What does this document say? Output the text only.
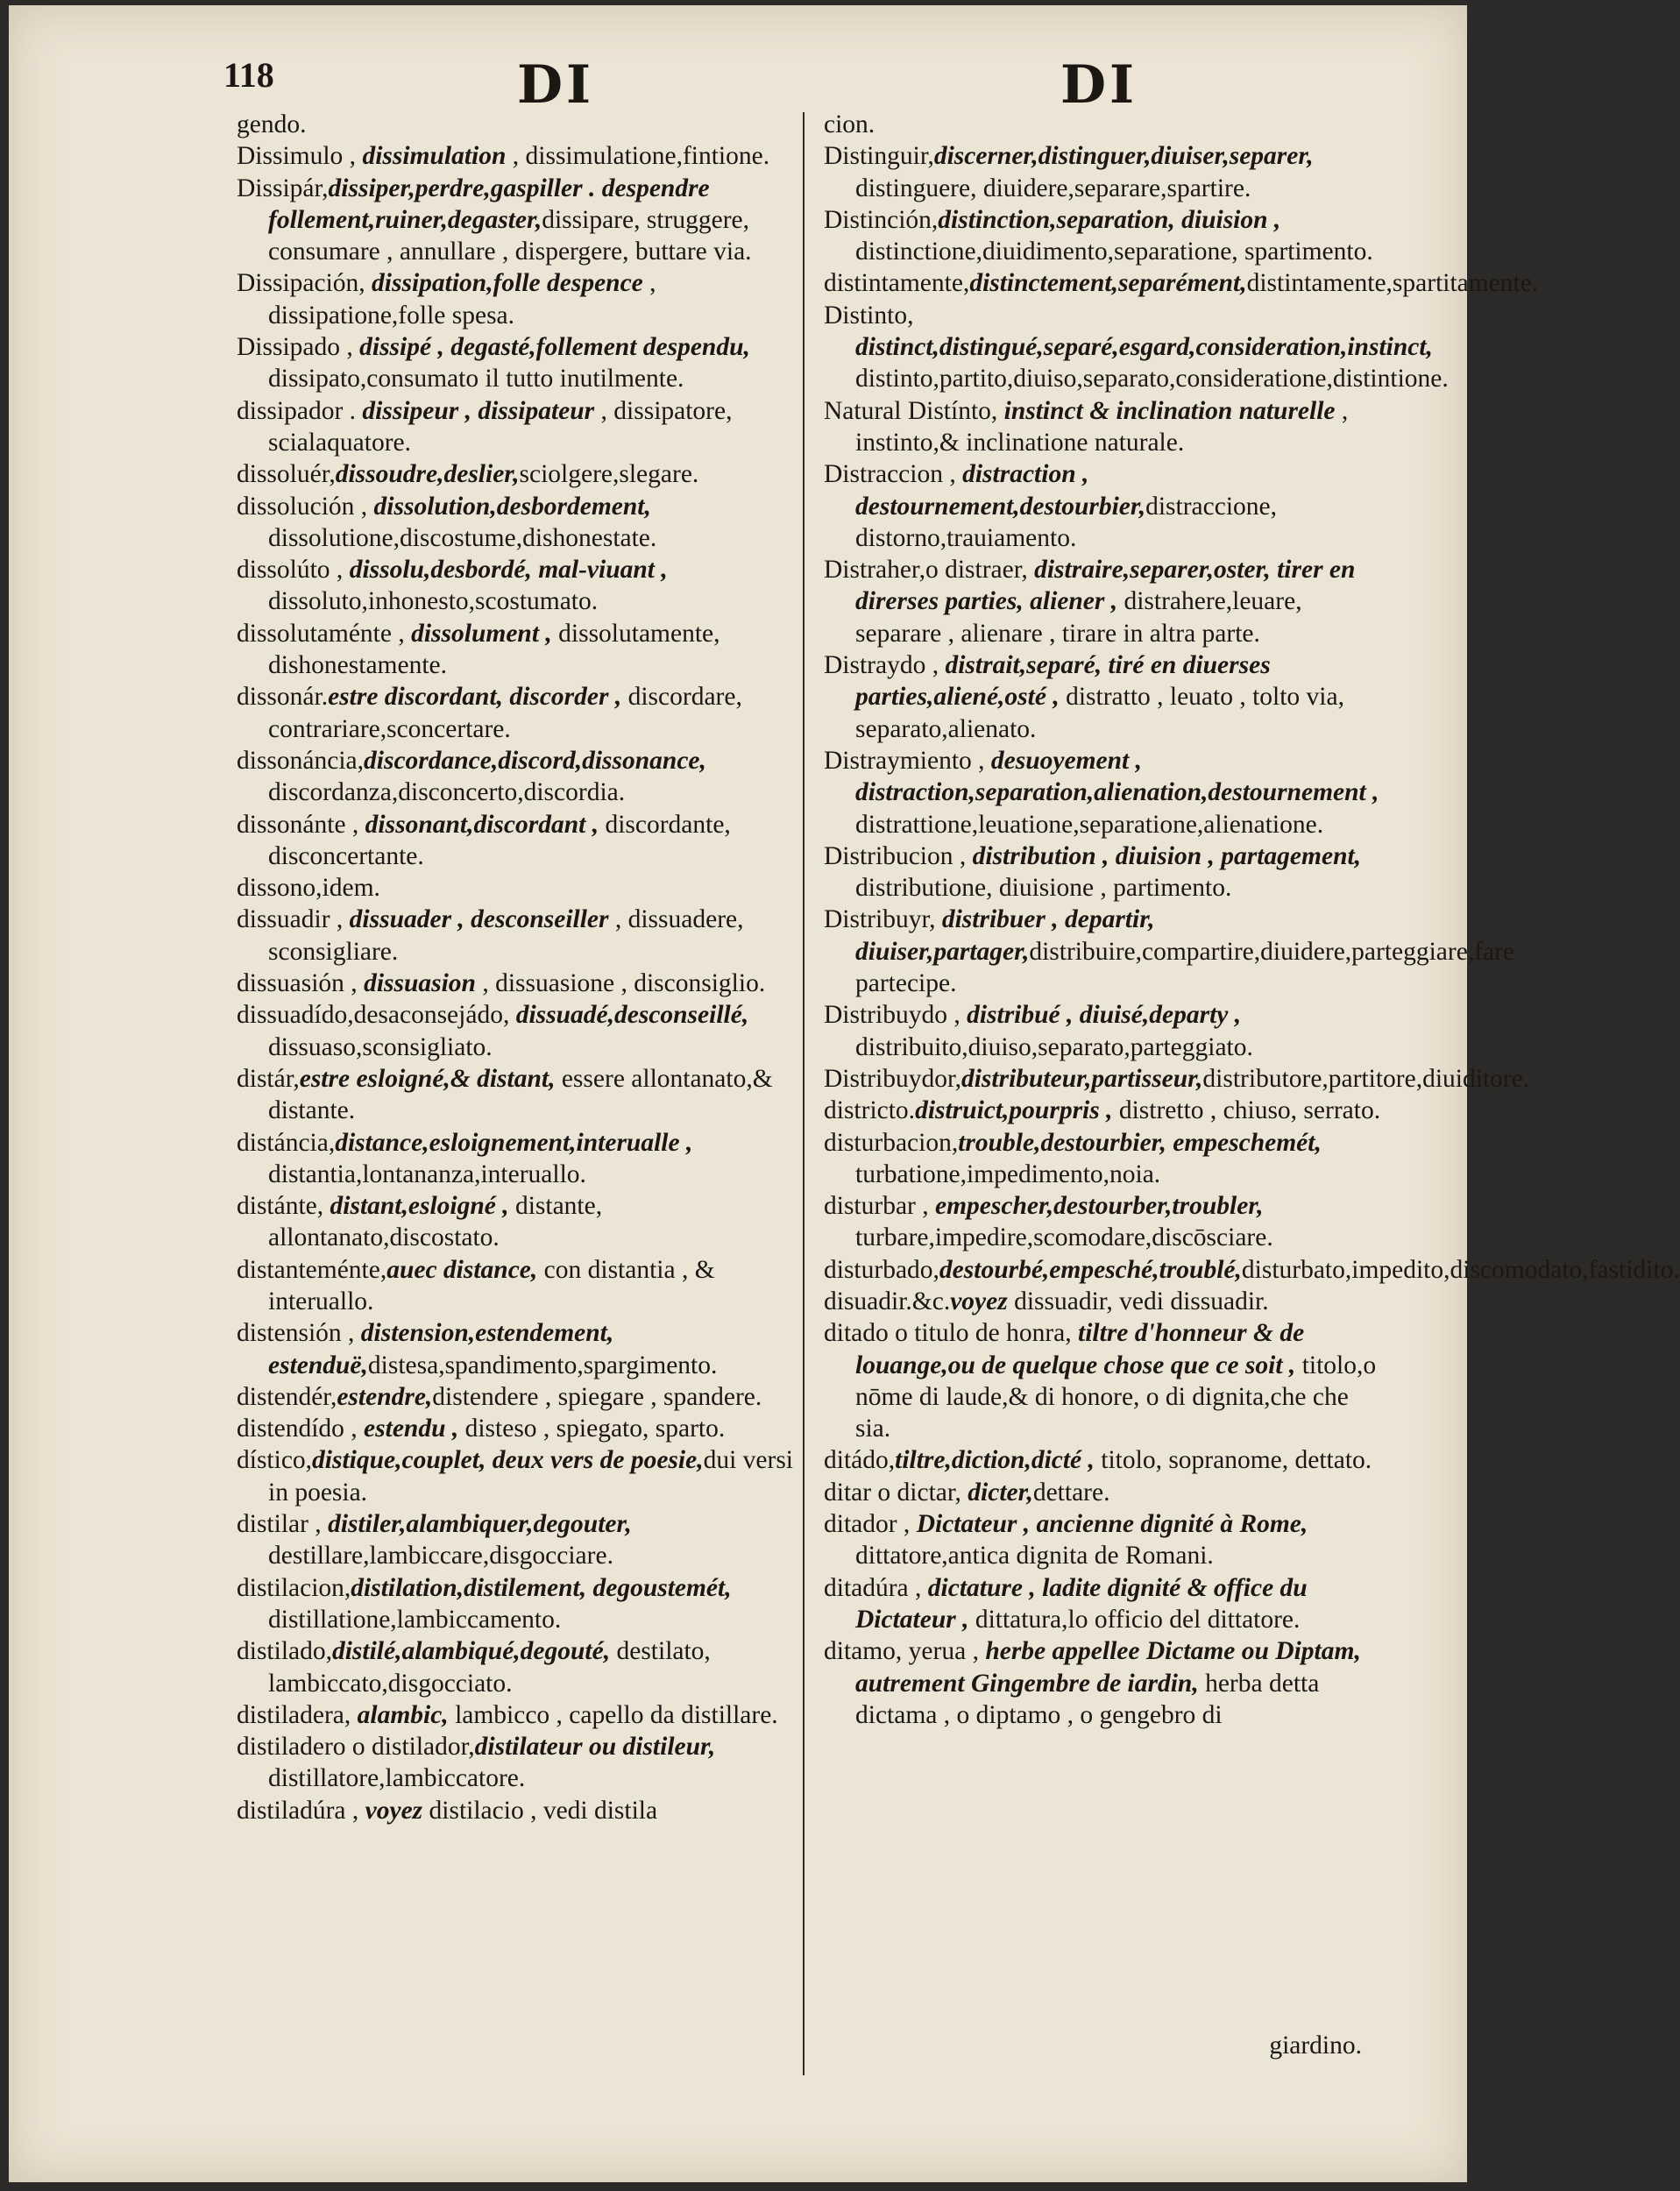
118	DI	DI

gendo.

Dissimulo , dissimulation , dissimulatione,fintione.

Dissipár,dissiper,perdre,gaspiller . despendre follement,ruiner,degaster,dissipare, struggere, consumare , annullare , dispergere, buttare via.

Dissipación, dissipation,folle despence , dissipatione,folle spesa.

Dissipado , dissipé , degasté,follement despendu, dissipato,consumato il tutto inutilmente.

dissipador . dissipeur , dissipateur , dissipatore, scialaquatore.

dissoluér,dissoudre,deslier,sciolgere,slegare.

dissolución , dissolution,desbordement, dissolutione,discostume,dishonestate.

dissolúto , dissolu,desbordé, mal-viuant , dissoluto,inhonesto,scostumato.

dissolutaménte , dissolument , dissolutamente, dishonestamente.

dissonár.estre discordant, discorder , discordare, contrariare,sconcertare.

dissonáncia,discordance,discord,dissonance, discordanza,disconcerto,discordia.

dissonánte , dissonant,discordant , discordante, disconcertante.

dissono,idem.

dissuadir , dissuader , desconseiller , dissuadere, sconsigliare.

dissuasión , dissuasion , dissuasione , disconsiglio.

dissuadído,desaconsejádo, dissuadé,desconseillé, dissuaso,sconsigliato.

distár,estre esloigné,& distant, essere allontanato,& distante.

distáncia,distance,esloignement,interualle , distantia,lontananza,interuallo.

distánte, distant,esloigné , distante, allontanato,discostato.

distanteménte,auec distance, con distantia , & interuallo.

distensión , distension,estendement, estenduë,distesa,spandimento,spargimento.

distendér,estendre,distendere , spiegare , spandere.

distendído , estendu , disteso , spiegato, sparto.

dístico,distique,couplet, deux vers de poesie,dui versi in poesia.

distilar , distiler,alambiquer,degouter, destillare,lambiccare,disgocciare.

distilacion,distilation,distilement, degoustemét, distillatione,lambiccamento.

distilado,distilé,alambiqué,degouté, destilato, lambiccato,disgocciato.

distiladera, alambic, lambicco , capello da distillare.

distiladero o distilador,distilateur ou distileur, distillatore,lambiccatore.

distiladúra , voyez distilacio , vedi distila

cion.

Distinguir,discerner,distinguer,diuiser,separer, distinguere, diuidere,separare,spartire.

Distinción,distinction,separation, diuision , distinctione,diuidimento,separatione, spartimento.

distintamente,distinctement,separément,distintamente,spartitamente.

Distinto, distinct,distingué,separé,esgard,consideration,instinct, distinto,partito,diuiso,separato,consideratione,distintione.

Natural Distínto, instinct & inclination naturelle , instinto,& inclinatione naturale.

Distraccion , distraction , destournement,destourbier,distraccione, distorno,trauiamento.

Distraher,o distraer, distraire,separer,oster, tirer en direrses parties, aliener , distrahere,leuare, separare , alienare , tirare in altra parte.

Distraydo , distrait,separé, tiré en diuerses parties,aliené,osté , distratto , leuato , tolto via, separato,alienato.

Distraymiento , desuoyement , distraction,separation,alienation,destournement , distrattione,leuatione,separatione,alienatione.

Distribucion , distribution , diuision , partagement, distributione, diuisione , partimento.

Distribuyr, distribuer , departir, diuiser,partager,distribuire,compartire,diuidere,parteggiare,fare partecipe.

Distribuydo , distribué , diuisé,departy , distribuito,diuiso,separato,parteggiato.

Distribuydor,distributeur,partisseur,distributore,partitore,diuiditore.

districto.distruict,pourpris , distretto , chiuso, serrato.

disturbacion,trouble,destourbier, empeschemét, turbatione,impedimento,noia.

disturbar , empescher,destourber,troubler, turbare,impedire,scomodare,discōsciare.

disturbado,destourbé,empesché,troublé,disturbato,impedito,discomodato,fastidito.

disuadir.&c.voyez dissuadir, vedi dissuadir.

ditado o titulo de honra, tiltre d'honneur & de louange,ou de quelque chose que ce soit , titolo,o nōme di laude,& di honore, o di dignita,che che sia.

ditádo,tiltre,diction,dicté , titolo, sopranome, dettato.

ditar o dictar, dicter,dettare.

ditador , Dictateur , ancienne dignité à Rome, dittatore,antica dignita de Romani.

ditadúra , dictature , ladite dignité & office du Dictateur , dittatura,lo officio del dittatore.

ditamo, yerua , herbe appellee Dictame ou Diptam, autrement Gingembre de iardin, herba detta dictama , o diptamo , o gengebro di

giardino.
